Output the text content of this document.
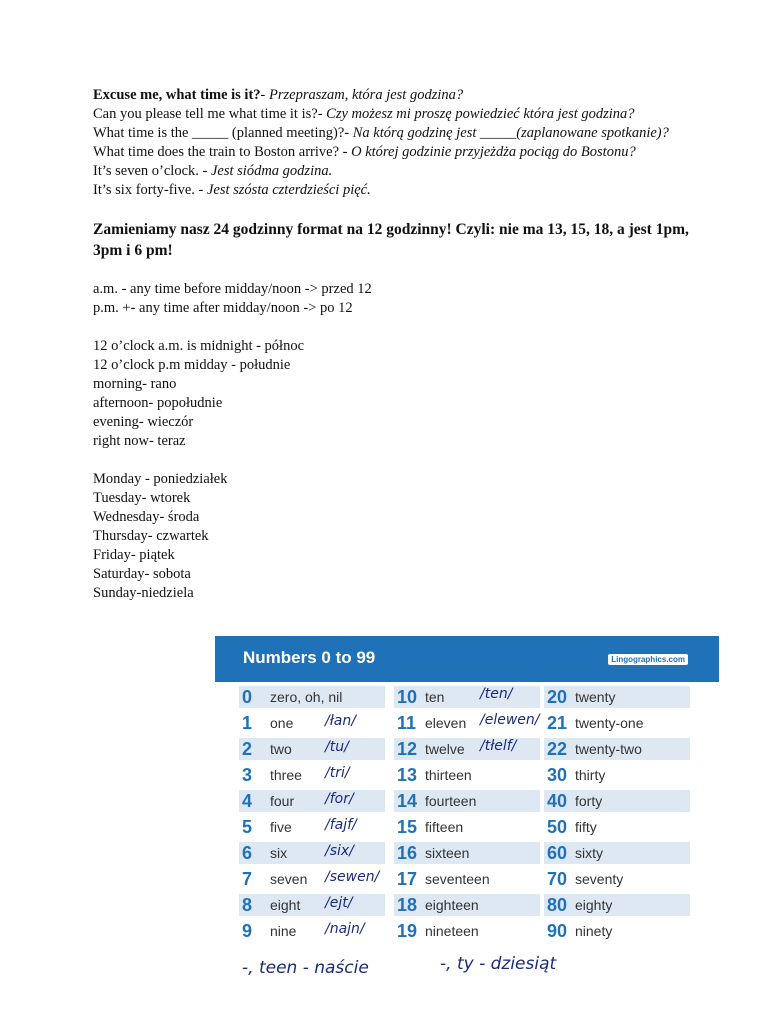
Excuse me, what time is it?- Przepraszam, która jest godzina?

Can you please tell me what time it is?- Czy możesz mi proszę powiedzieć która jest godzina?

What time is the _____ (planned meeting)?- Na którą godzinę jest _____(zaplanowane spotkanie)?

What time does the train to Boston arrive? - O której godzinie przyjeżdża pociąg do Bostonu?

It’s seven o’clock. - Jest siódma godzina.

It’s six forty-five. - Jest szósta czterdzieści pięć.

Zamieniamy nasz 24 godzinny format na 12 godzinny! Czyli: nie ma 13, 15, 18, a jest 1pm, 3pm i 6 pm!

a.m. - any time before midday/noon -> przed 12

p.m. +- any time after midday/noon -> po 12

12 o’clock a.m. is midnight - północ

12 o’clock p.m midday - południe

morning- rano

afternoon- popołudnie

evening- wieczór

right now- teraz

Monday - poniedziałek

Tuesday- wtorek

Wednesday- środa

Thursday- czwartek

Friday- piątek

Saturday- sobota

Sunday-niedziela

Numbers 0 to 99	Lingographics.com
0	zero, oh, nil
1	one /łan/
2	two /tu/
3	three /tri/
4	four /for/
5	five /fajf/
6	six	/six/
7	seven /sewen/
8	eight /ejt/
9	nine /najn/
10 ten	/ten/
11 eleven /elewen/
12 twelve /tłelf/
13 thirteen
14 fourteen
15 fifteen
16 sixteen
17 seventeen
18 eighteen
19 nineteen
20 twenty
21 twenty-one
22 twenty-two
30 thirty
40 forty
50 fifty
60 sixty
70 seventy
80 eighty
90 ninety
-, teen - naście	-, ty - dziesiąt
